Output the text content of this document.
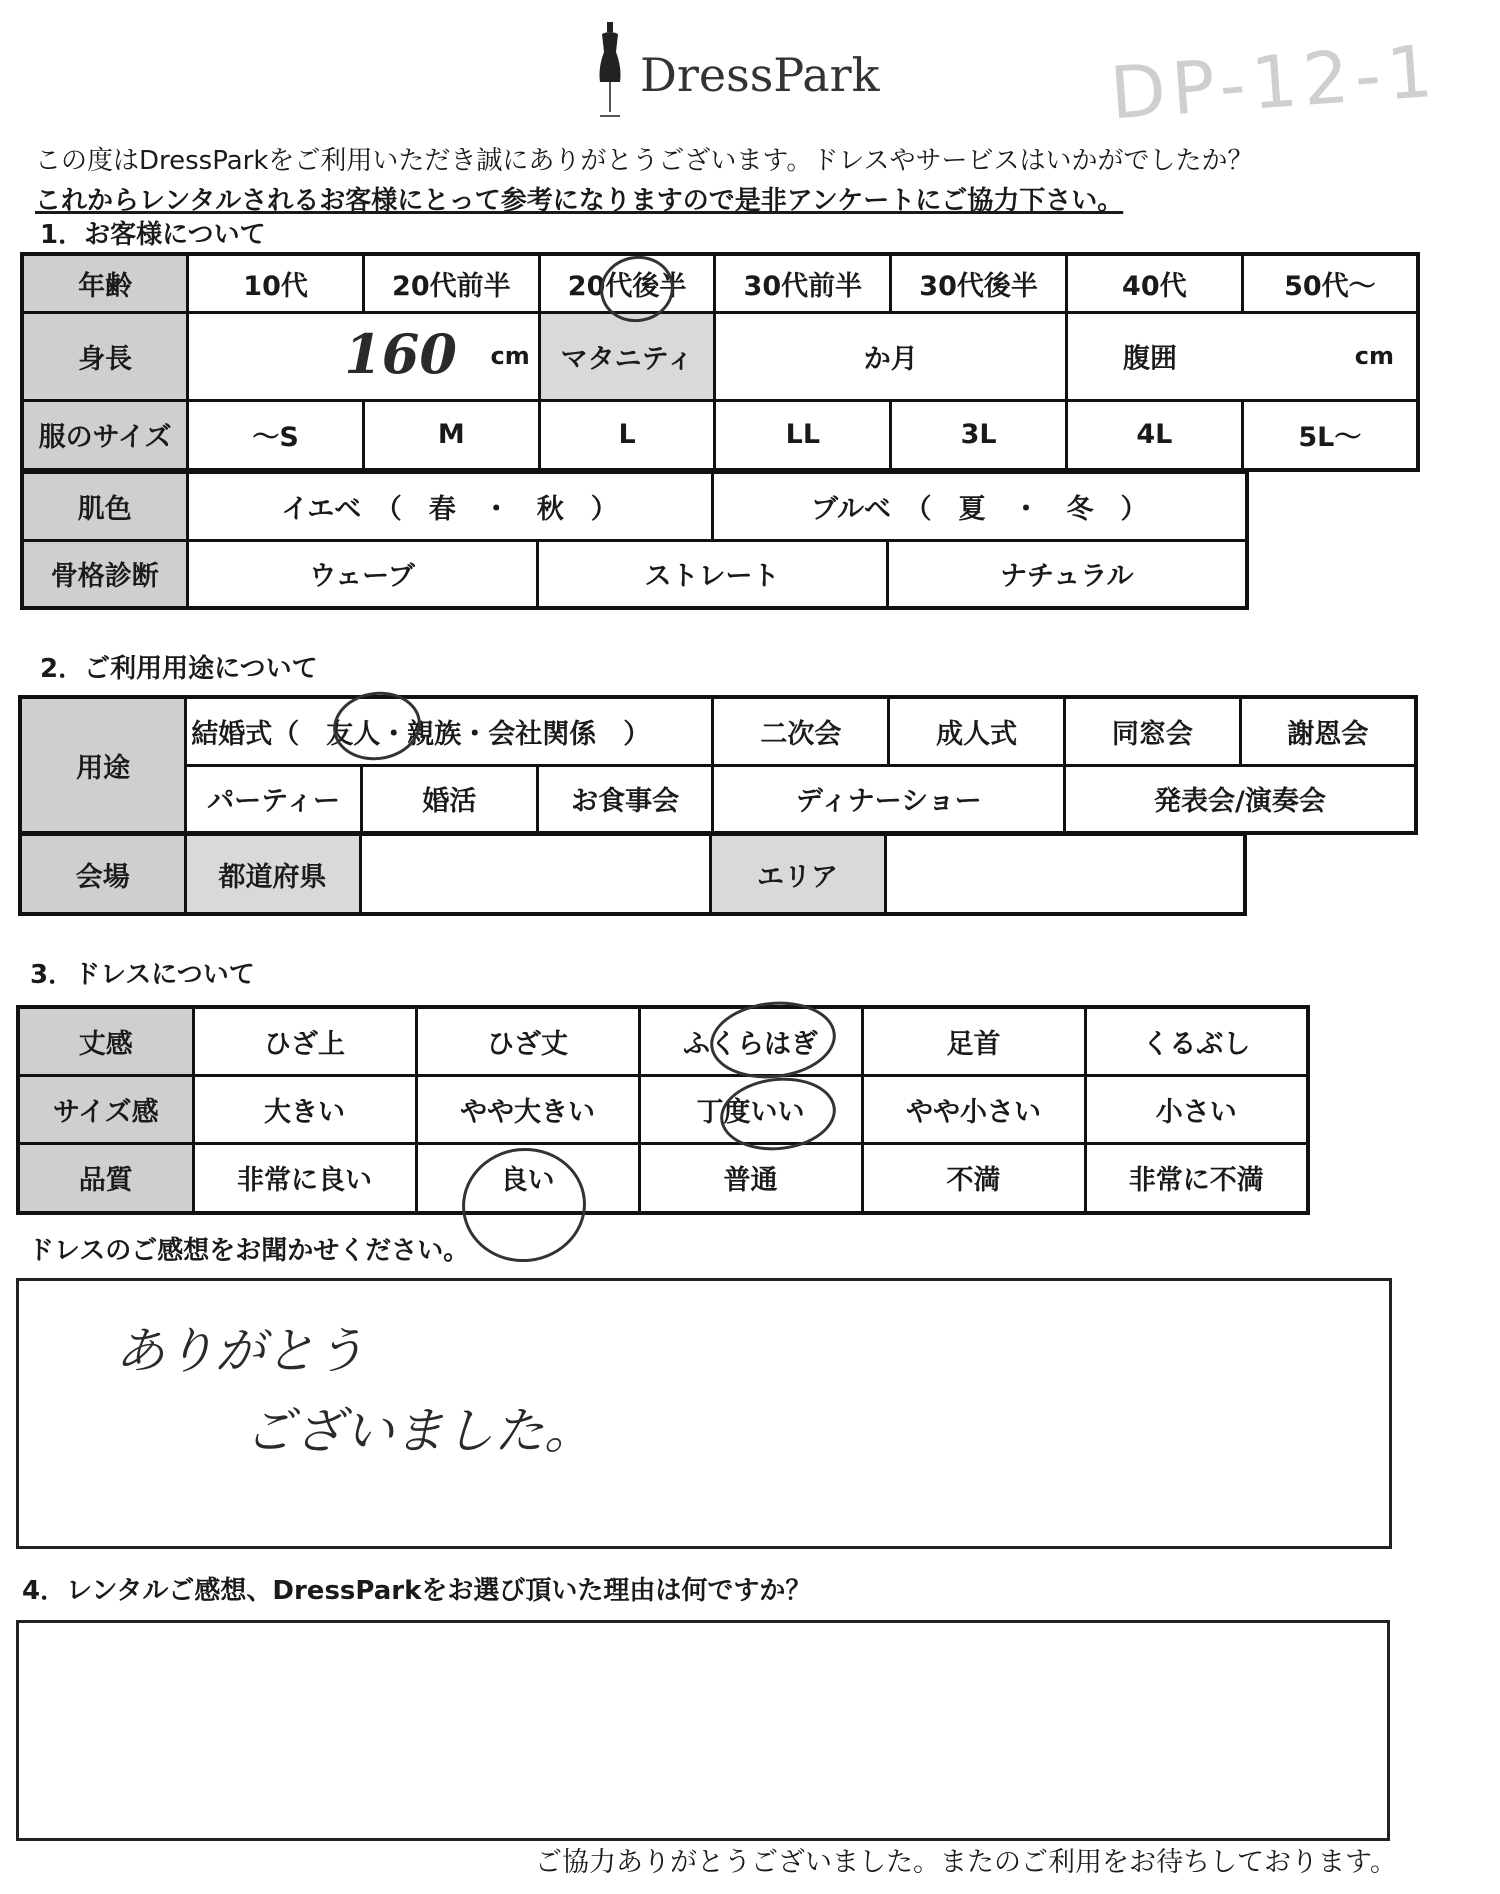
DressPark	DP-12-1
この度はDressParkをご利用いただき誠にありがとうございます。ドレスやサービスはいかがでしたか？
これからレンタルされるお客様にとって参考になりますので是非アンケートにご協力下さい。
1．お客様について
年齢	10代	20代前半	20代後半	30代前半	30代後半	40代	50代～
身長	160 cm		マタニティ	か月		腹囲 cm	

服のサイズ	～S	M	L	LL	3L	4L	5L～
肌色	イエベ　（　春　・　秋　）		ブルベ　（　夏　・　冬　）	
骨格診断	ウェーブ	ストレート		ナチュラル
2．ご利用用途について
用途	結婚式（　友人・親族・会社関係　）			二次会	成人式	同窓会	謝恩会
	パーティー	婚活	お食事会	ディナーショー		発表会/演奏会	
会場	都道府県		エリア	
3．ドレスについて
丈感	ひざ上	ひざ丈	ふくらはぎ	足首	くるぶし
サイズ感	大きい	やや大きい	丁度いい	やや小さい	小さい
品質	非常に良い	良い	普通	不満	非常に不満
ドレスのご感想をお聞かせください。
ありがとう
ございました。
4．レンタルご感想、DressParkをお選び頂いた理由は何ですか？
ご協力ありがとうございました。またのご利用をお待ちしております。
